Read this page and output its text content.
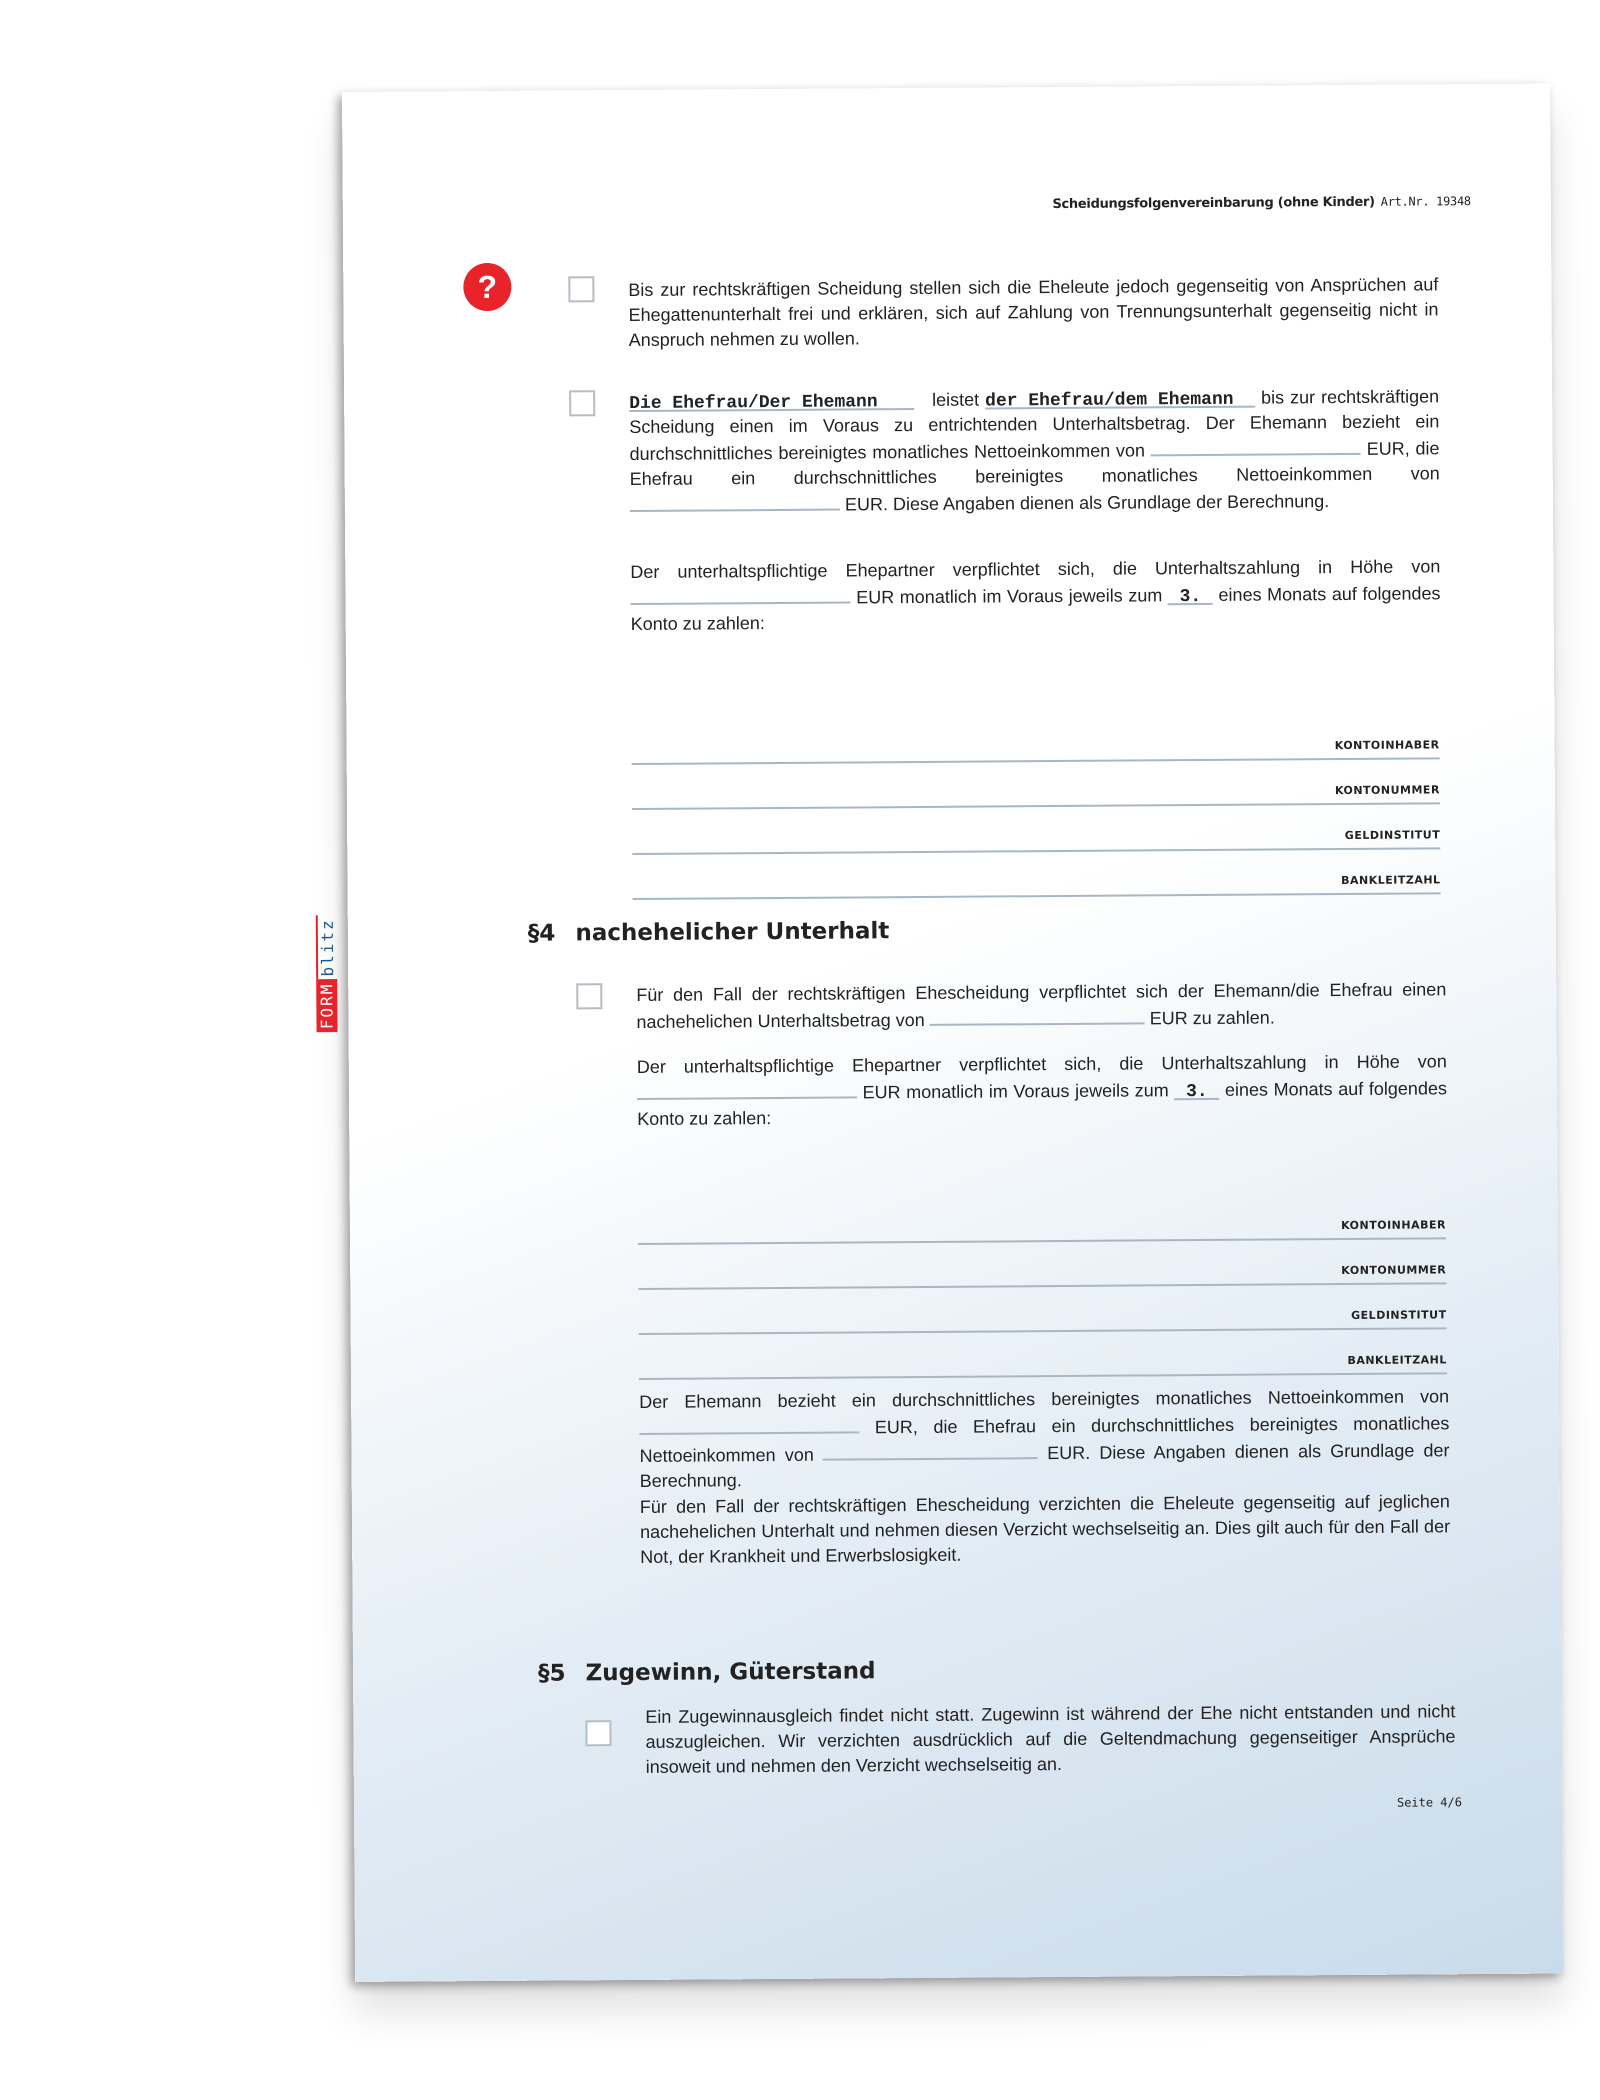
Scheidungsfolgenvereinbarung (ohne Kinder) Art.Nr. 19348
?
FORM
blitz
Bis zur rechtskräftigen Scheidung stellen sich die Eheleute jedoch gegenseitig von Ansprüchen auf Ehegattenunterhalt frei und erklären, sich auf Zahlung von Trennungsunterhalt gegenseitig nicht in Anspruch nehmen zu wollen.
Die Ehefrau/Der Ehemann	leistet der Ehefrau/dem Ehemann bis zur rechtskräftigen Scheidung einen im Voraus zu entrichtenden Unterhaltsbetrag. Der Ehemann bezieht ein durchschnittliches bereinigtes monatliches Nettoeinkommen von	EUR, die Ehefrau ein durchschnittliches bereinigtes monatliches Nettoeinkommen von  EUR. Diese Angaben dienen als Grundlage der Berechnung.
Der unterhaltspflichtige Ehepartner verpflichtet sich, die Unterhaltszahlung in Höhe von  EUR monatlich im Voraus jeweils zum 3. eines Monats auf folgendes Konto zu zahlen:
KONTOINHABER
KONTONUMMER
GELDINSTITUT
BANKLEITZAHL
§4 nachehelicher Unterhalt
Für den Fall der rechtskräftigen Ehescheidung verpflichtet sich der Ehemann/die Ehefrau einen nachehelichen Unterhaltsbetrag von	EUR zu zahlen.
Der unterhaltspflichtige Ehepartner verpflichtet sich, die Unterhaltszahlung in Höhe von  EUR monatlich im Voraus jeweils zum 3. eines Monats auf folgendes Konto zu zahlen:
KONTOINHABER
KONTONUMMER
GELDINSTITUT
BANKLEITZAHL
Der Ehemann bezieht ein durchschnittliches bereinigtes monatliches Nettoeinkommen von  EUR, die Ehefrau ein durchschnittliches bereinigtes monatliches Nettoeinkommen von	EUR. Diese Angaben dienen als Grundlage der Berechnung.
Für den Fall der rechtskräftigen Ehescheidung verzichten die Eheleute gegenseitig auf jeglichen nachehelichen Unterhalt und nehmen diesen Verzicht wechselseitig an. Dies gilt auch für den Fall der Not, der Krankheit und Erwerbslosigkeit.
§5 Zugewinn, Güterstand
Ein Zugewinnausgleich findet nicht statt. Zugewinn ist während der Ehe nicht entstanden und nicht auszugleichen. Wir verzichten ausdrücklich auf die Geltendmachung gegenseitiger Ansprüche insoweit und nehmen den Verzicht wechselseitig an.
Seite 4/6
